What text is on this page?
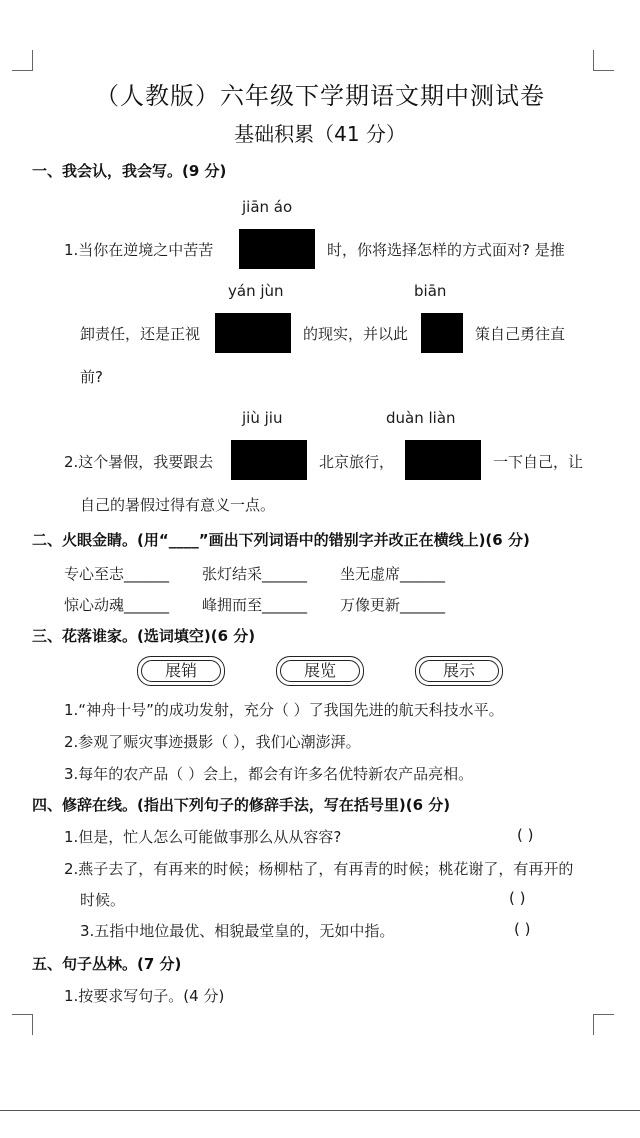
（人教版）六年级下学期语文期中测试卷
基础积累（41 分）
一、我会认，我会写。(9 分)
jiān áo
1.当你在逆境之中苦苦	时，你将选择怎样的方式面对? 是推
yán jùn	biān
卸责任，还是正视	的现实，并以此	策自己勇往直
前?
jiù jiu	duàn liàn
2.这个暑假，我要跟去	北京旅行，	一下自己，让
自己的暑假过得有意义一点。
二、火眼金睛。(用“____”画出下列词语中的错别字并改正在横线上)(6 分)
专心至志______ 张灯结采______ 坐无虚席______
惊心动魂______ 峰拥而至______ 万像更新______
三、花落谁家。(选词填空)(6 分)
展销	展览	展示
1.“神舟十号”的成功发射，充分（ ）了我国先进的航天科技水平。
2.参观了赈灾事迹摄影（ ），我们心潮澎湃。
3.每年的农产品（ ）会上，都会有许多名优特新农产品亮相。
四、修辞在线。(指出下列句子的修辞手法，写在括号里)(6 分)
1.但是，忙人怎么可能做事那么从从容容?	( )
2.燕子去了，有再来的时候；杨柳枯了，有再青的时候；桃花谢了，有再开的
时候。	( )
3.五指中地位最优、相貌最堂皇的，无如中指。	( )
五、句子丛林。(7 分)
1.按要求写句子。(4 分)
